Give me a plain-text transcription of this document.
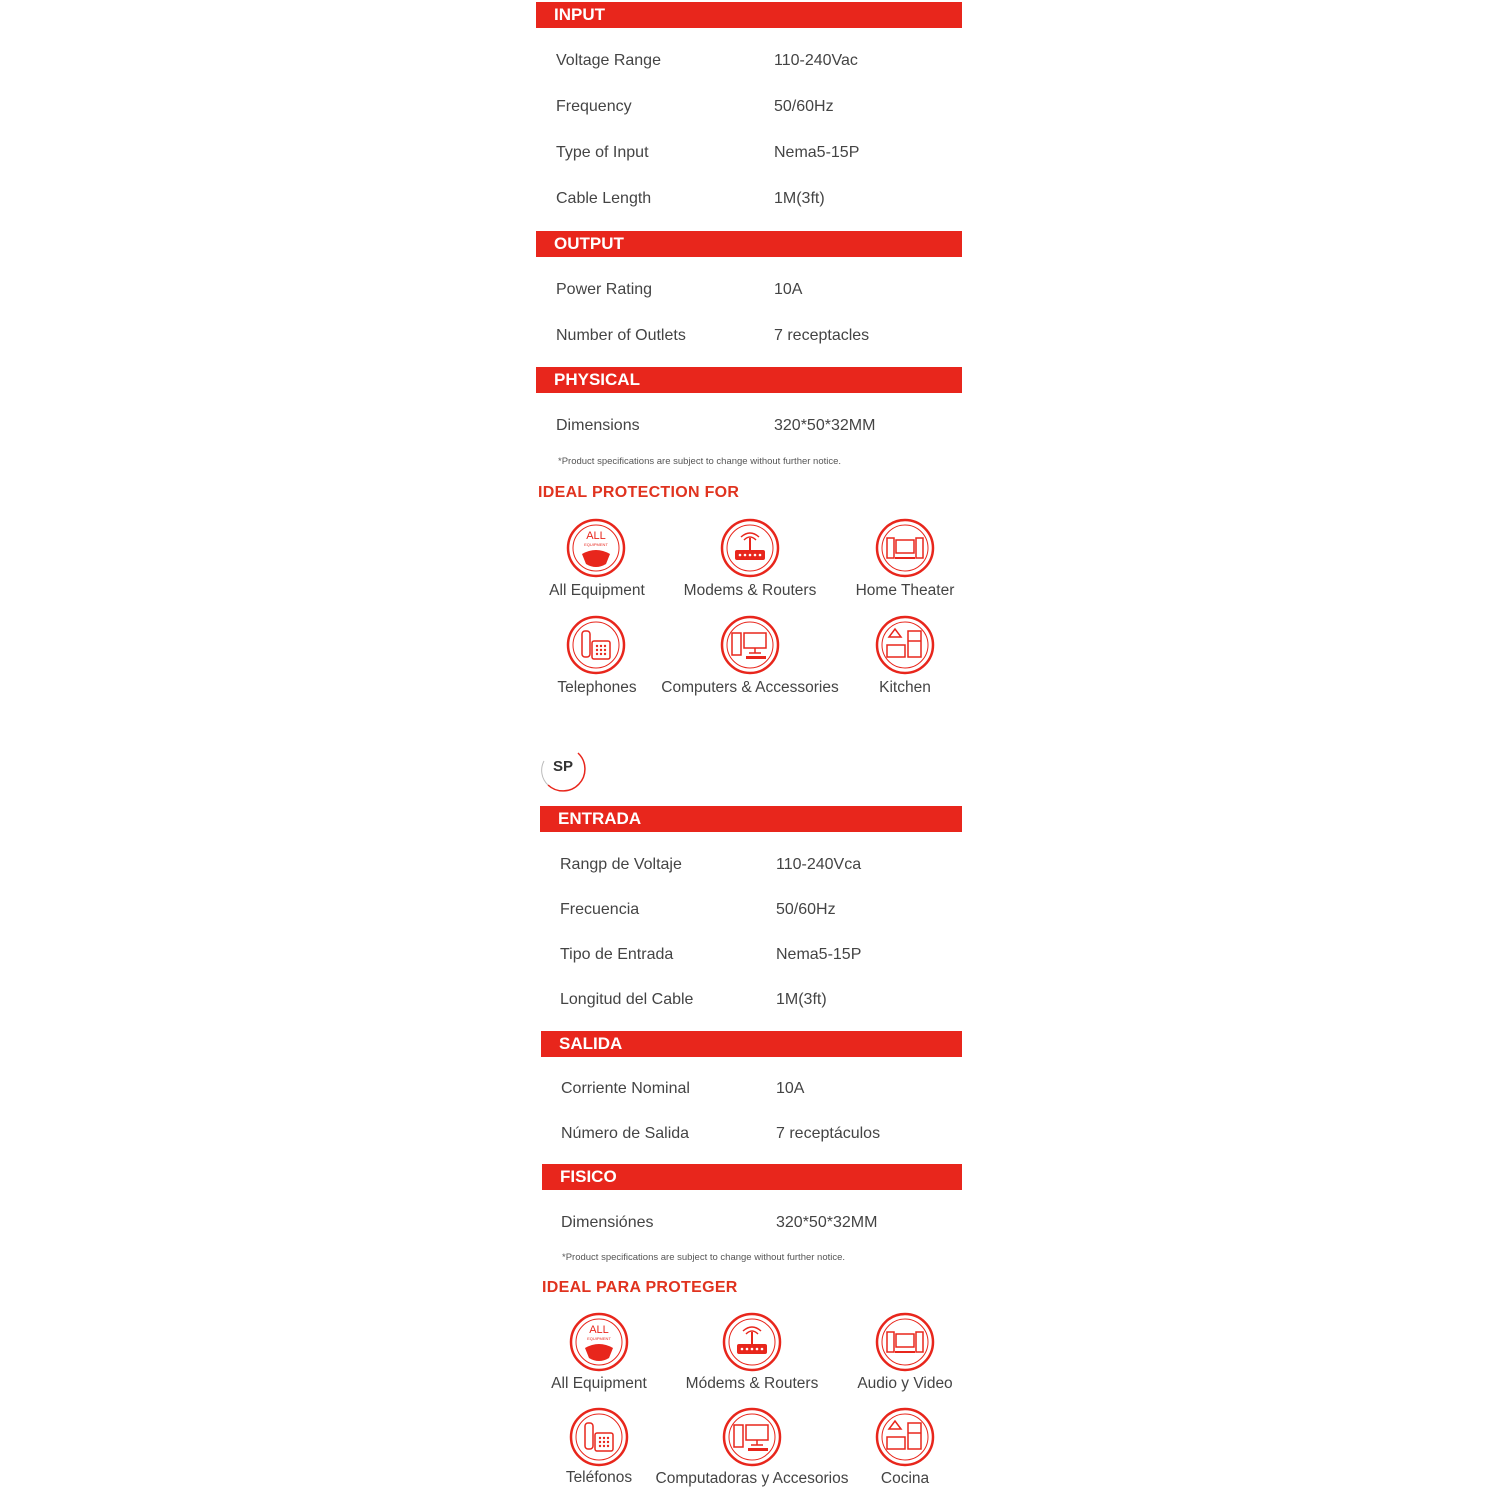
INPUT
Voltage Range	110-240Vac
Frequency	50/60Hz
Type of Input	Nema5-15P
Cable Length	1M(3ft)
OUTPUT
Power Rating	10A
Number of Outlets	7 receptacles
PHYSICAL
Dimensions	320*50*32MM
*Product specifications are subject to change without further notice.
IDEAL PROTECTION FOR
ALL
EQUIPMENT
All Equipment	Modems & Routers	Home Theater
Telephones	Computers & Accessories	Kitchen
SP
ENTRADA
Rangp de Voltaje	110-240Vca
Frecuencia	50/60Hz
Tipo de Entrada	Nema5-15P
Longitud del Cable	1M(3ft)
SALIDA
Corriente Nominal	10A
Número de Salida	7 receptáculos
FISICO
Dimensiónes	320*50*32MM
*Product specifications are subject to change without further notice.
IDEAL PARA PROTEGER
ALL
EQUIPMENT
All Equipment	Módems & Routers	Audio y Video
Teléfonos	Computadoras y Accesorios	Cocina
